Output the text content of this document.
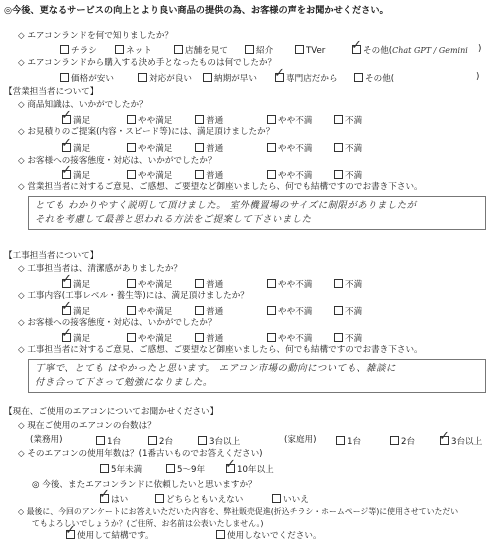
◎今後、更なるサービスの向上とより良い商品の提供の為、お客様の声をお聞かせください。
◇ エアコンランドを何で知りましたか？
チラシ	ネット	店舗を見て	紹介	TVer ✓	その他(Chat GPT / Gemini )
◇ エアコンランドから購入する決め手となったものは何でしたか？
価格が安い	対応が良い	納期が早い ✓	専門店だから	その他(	)
【営業担当者について】
◇ 商品知識は、いかがでしたか？
✓満足	やや満足	普通	やや不満	不満
◇ お見積りのご提案(内容・スピード等)には、満足頂けましたか？
✓満足	やや満足	普通	やや不満	不満
◇ お客様への接客態度・対応は、いかがでしたか？
✓満足	やや満足	普通	やや不満	不満
◇ 営業担当者に対するご意見、ご感想、ご要望など御座いましたら、何でも結構ですのでお書き下さい。
とても わかりやすく説明して頂けました。 室外機置場のサイズに制限がありましたが
それを考慮して最善と思われる方法をご提案して下さいました
【工事担当者について】
◇ 工事担当者は、清潔感がありましたか？
✓満足	やや満足	普通	やや不満	不満
◇ 工事内容(工事レベル・養生等)には、満足頂けましたか？
✓満足	やや満足	普通	やや不満	不満
◇ お客様への接客態度・対応は、いかがでしたか？
✓満足	やや満足	普通	やや不満	不満
◇ 工事担当者に対するご意見、ご感想、ご要望など御座いましたら、何でも結構ですのでお書き下さい。
丁寧で、とても はやかったと思います。 エアコン市場の動向についても、雑談に
付き合って下さって勉強になりました。
【現在、ご使用のエアコンについてお聞かせください】
◇ 現在ご使用のエアコンの台数は？
(業務用)	1台	2台	3台以上	(家庭用)	1台	2台 ✓	3台以上
◇ そのエアコンの使用年数は？(1番古いものでお答えください)
5年未満	5～9年 ✓	10年以上
◎ 今後、またエアコンランドに依頼したいと思いますか？
✓はい	どちらともいえない	いいえ
◇ 最後に、今回のアンケートにお答えいただいた内容を、弊社販売促進(折込チラシ・ホームページ等)に使用させていただい
てもよろしいでしょうか？(ご住所、お名前は公表いたしません。)
✓使用して結構です。	使用しないでください。
